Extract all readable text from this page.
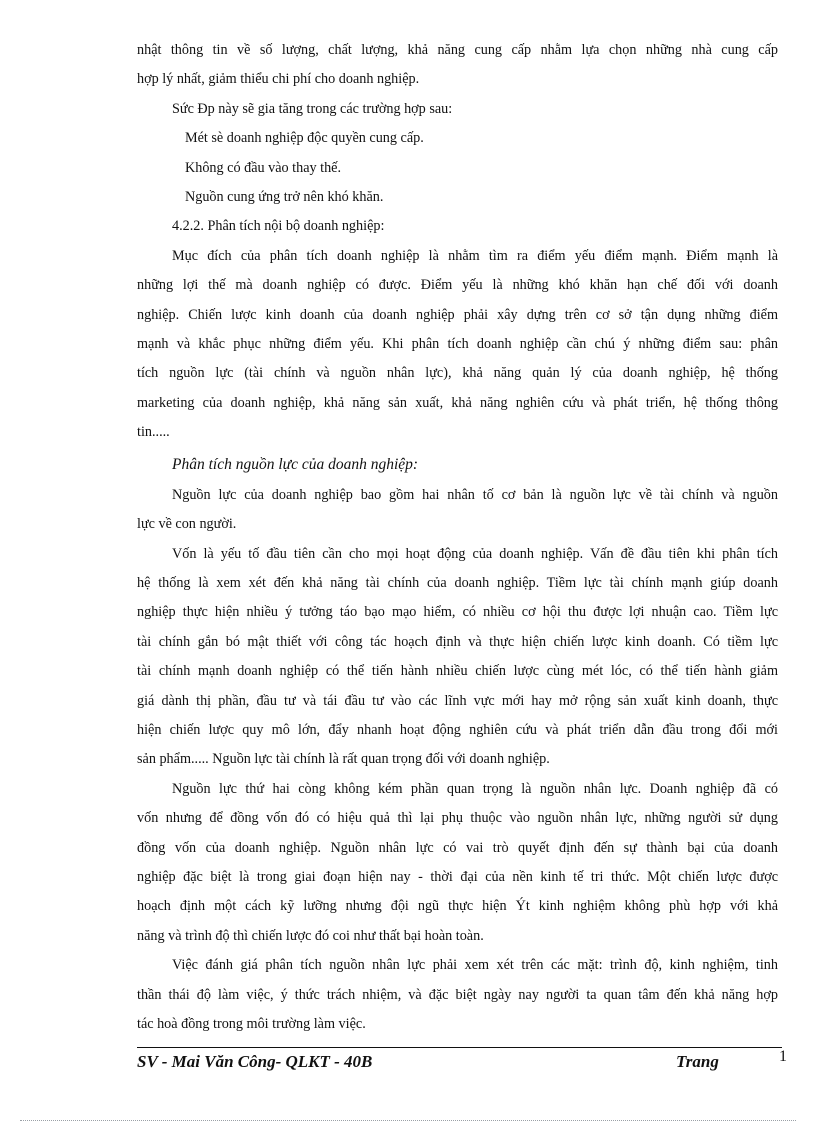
nhật thông tin về số lượng, chất lượng, khả năng cung cấp nhằm lựa chọn những nhà cung cấp
hợp lý nhất, giảm thiểu chi phí cho doanh nghiệp.
Sức Đp này sẽ gia tăng trong các trường hợp sau:
Mét sè doanh nghiệp độc quyền cung cấp.
Không có đầu vào thay thế.
Nguồn cung ứng trở nên khó khăn.
4.2.2. Phân tích nội bộ doanh nghiệp:
Mục đích của phân tích doanh nghiệp là nhằm tìm ra điểm yếu điểm mạnh. Điểm mạnh là
những lợi thế mà doanh nghiệp có được. Điểm yếu là những khó khăn hạn chế đối với doanh
nghiệp. Chiến lược kinh doanh của doanh nghiệp phải xây dựng trên cơ sở tận dụng những điểm
mạnh và khắc phục những điểm yếu. Khi phân tích doanh nghiệp cần chú ý những điểm sau: phân
tích nguồn lực (tài chính và nguồn nhân lực), khả năng quản lý của doanh nghiệp, hệ thống
marketing của doanh nghiệp, khả năng sản xuất, khả năng nghiên cứu và phát triển, hệ thống thông
tin.....
Phân tích nguồn lực của doanh nghiệp:
Nguồn lực của doanh nghiệp bao gồm hai nhân tố cơ bản là nguồn lực về tài chính và nguồn
lực về con người.
Vốn là yếu tố đầu tiên cần cho mọi hoạt động của doanh nghiệp. Vấn đề đầu tiên khi phân tích
hệ thống là xem xét đến khả năng tài chính của doanh nghiệp. Tiềm lực tài chính mạnh giúp doanh
nghiệp thực hiện nhiều ý tưởng táo bạo mạo hiểm, có nhiều cơ hội thu được lợi nhuận cao. Tiềm lực
tài chính gắn bó mật thiết với công tác hoạch định và thực hiện chiến lược kinh doanh. Có tiềm lực
tài chính mạnh doanh nghiệp có thể tiến hành nhiều chiến lược cùng mét lóc, có thể tiến hành giảm
giá dành thị phần, đầu tư và tái đầu tư vào các lĩnh vực mới hay mở rộng sản xuất kinh doanh, thực
hiện chiến lược quy mô lớn, đẩy nhanh hoạt động nghiên cứu và phát triển dẫn đầu trong đổi mới
sản phẩm..... Nguồn lực tài chính là rất quan trọng đối với doanh nghiệp.
Nguồn lực thứ hai còng không kém phần quan trọng là nguồn nhân lực. Doanh nghiệp đã có
vốn nhưng để đồng vốn đó có hiệu quả thì lại phụ thuộc vào nguồn nhân lực, những người sử dụng
đồng vốn của doanh nghiệp. Nguồn nhân lực có vai trò quyết định đến sự thành bại của doanh
nghiệp đặc biệt là trong giai đoạn hiện nay - thời đại của nền kinh tế tri thức. Một chiến lược được
hoạch định một cách kỹ lưỡng nhưng đội ngũ thực hiện Ýt kinh nghiệm không phù hợp với khả
năng và trình độ thì chiến lược đó coi như thất bại hoàn toàn.
Việc đánh giá phân tích nguồn nhân lực phải xem xét trên các mặt: trình độ, kinh nghiệm, tinh
thần thái độ làm việc, ý thức trách nhiệm, và đặc biệt ngày nay người ta quan tâm đến khả năng hợp
tác hoà đồng trong môi trường làm việc.
SV - Mai Văn Công- QLKT - 40B	Trang	1
